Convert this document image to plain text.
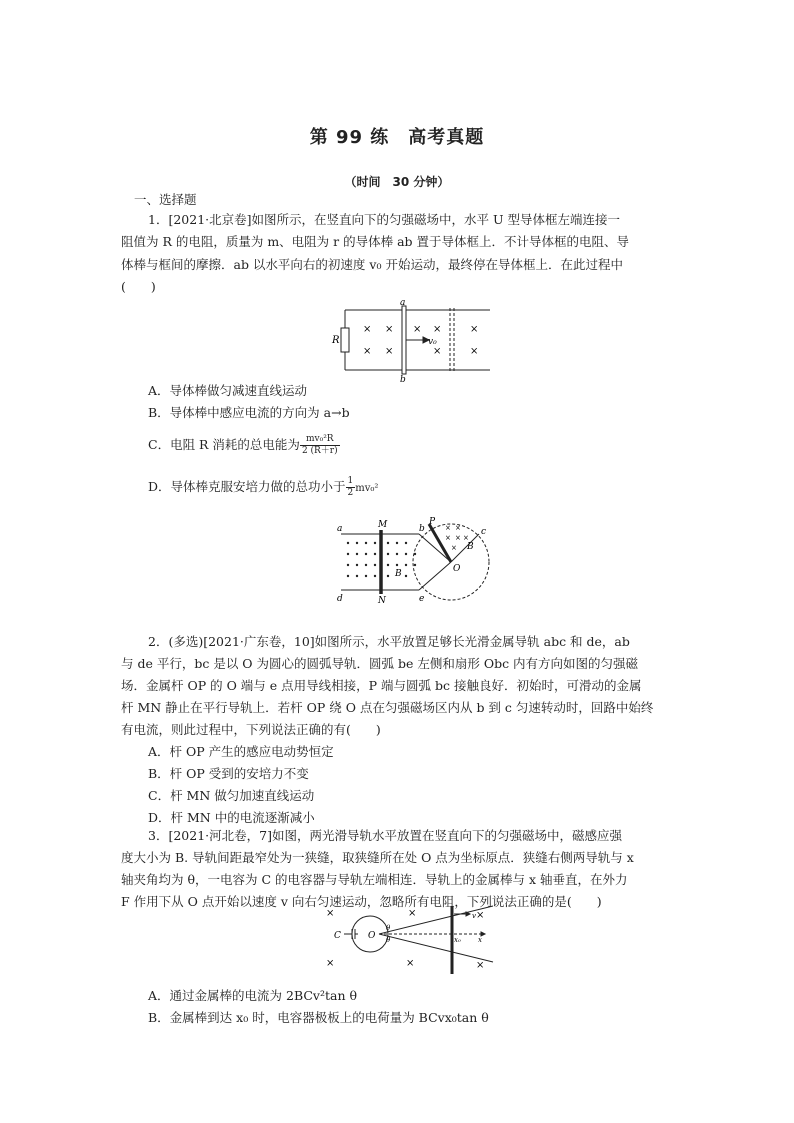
第 99 练　高考真题
（时间　30 分钟）
一、选择题
1．[2021·北京卷]如图所示，在竖直向下的匀强磁场中，水平 U 型导体框左端连接一
阻值为 R 的电阻，质量为 m、电阻为 r 的导体棒 ab 置于导体框上．不计导体框的电阻、导
体棒与框间的摩擦．ab 以水平向右的初速度 v₀ 开始运动，最终停在导体框上．在此过程中
(　　)
R
a
b
v₀
× × × ×	×
× ×	×	×
A．导体棒做匀减速直线运动
B．导体棒中感应电流的方向为 a→b
C．电阻 R 消耗的总电能为 $\frac{\text{mv₀²R}}{2 (R+r)}$
D．导体棒克服安培力做的总功小于 $\frac{1}{2} mv_0^2$
× ×
× × ×
×
a	M	b
P
c
B
B	O
d	N	e
2．(多选)[2021·广东卷，10]如图所示，水平放置足够长光滑金属导轨 abc 和 de，ab
与 de 平行，bc 是以 O 为圆心的圆弧导轨．圆弧 be 左侧和扇形 Obc 内有方向如图的匀强磁
场．金属杆 OP 的 O 端与 e 点用导线相接，P 端与圆弧 bc 接触良好．初始时，可滑动的金属
杆 MN 静止在平行导轨上．若杆 OP 绕 O 点在匀强磁场区内从 b 到 c 匀速转动时，回路中始终
有电流，则此过程中，下列说法正确的有(　　)
A．杆 OP 产生的感应电动势恒定
B．杆 OP 受到的安培力不变
C．杆 MN 做匀加速直线运动
D．杆 MN 中的电流逐渐减小
3．[2021·河北卷，7]如图，两光滑导轨水平放置在竖直向下的匀强磁场中，磁感应强
度大小为 B. 导轨间距最窄处为一狭缝，取狭缝所在处 O 点为坐标原点．狭缝右侧两导轨与 x
轴夹角均为 θ，一电容为 C 的电容器与导轨左端相连．导轨上的金属棒与 x 轴垂直，在外力
F 作用下从 O 点开始以速度 v 向右匀速运动，忽略所有电阻，下列说法正确的是(　　)
×	×	×
×	×	×
C	O
θ
θ
v
x₀ x
A．通过金属棒的电流为 2BCv²tan θ
B．金属棒到达 x₀ 时，电容器极板上的电荷量为 BCvx₀tan θ
